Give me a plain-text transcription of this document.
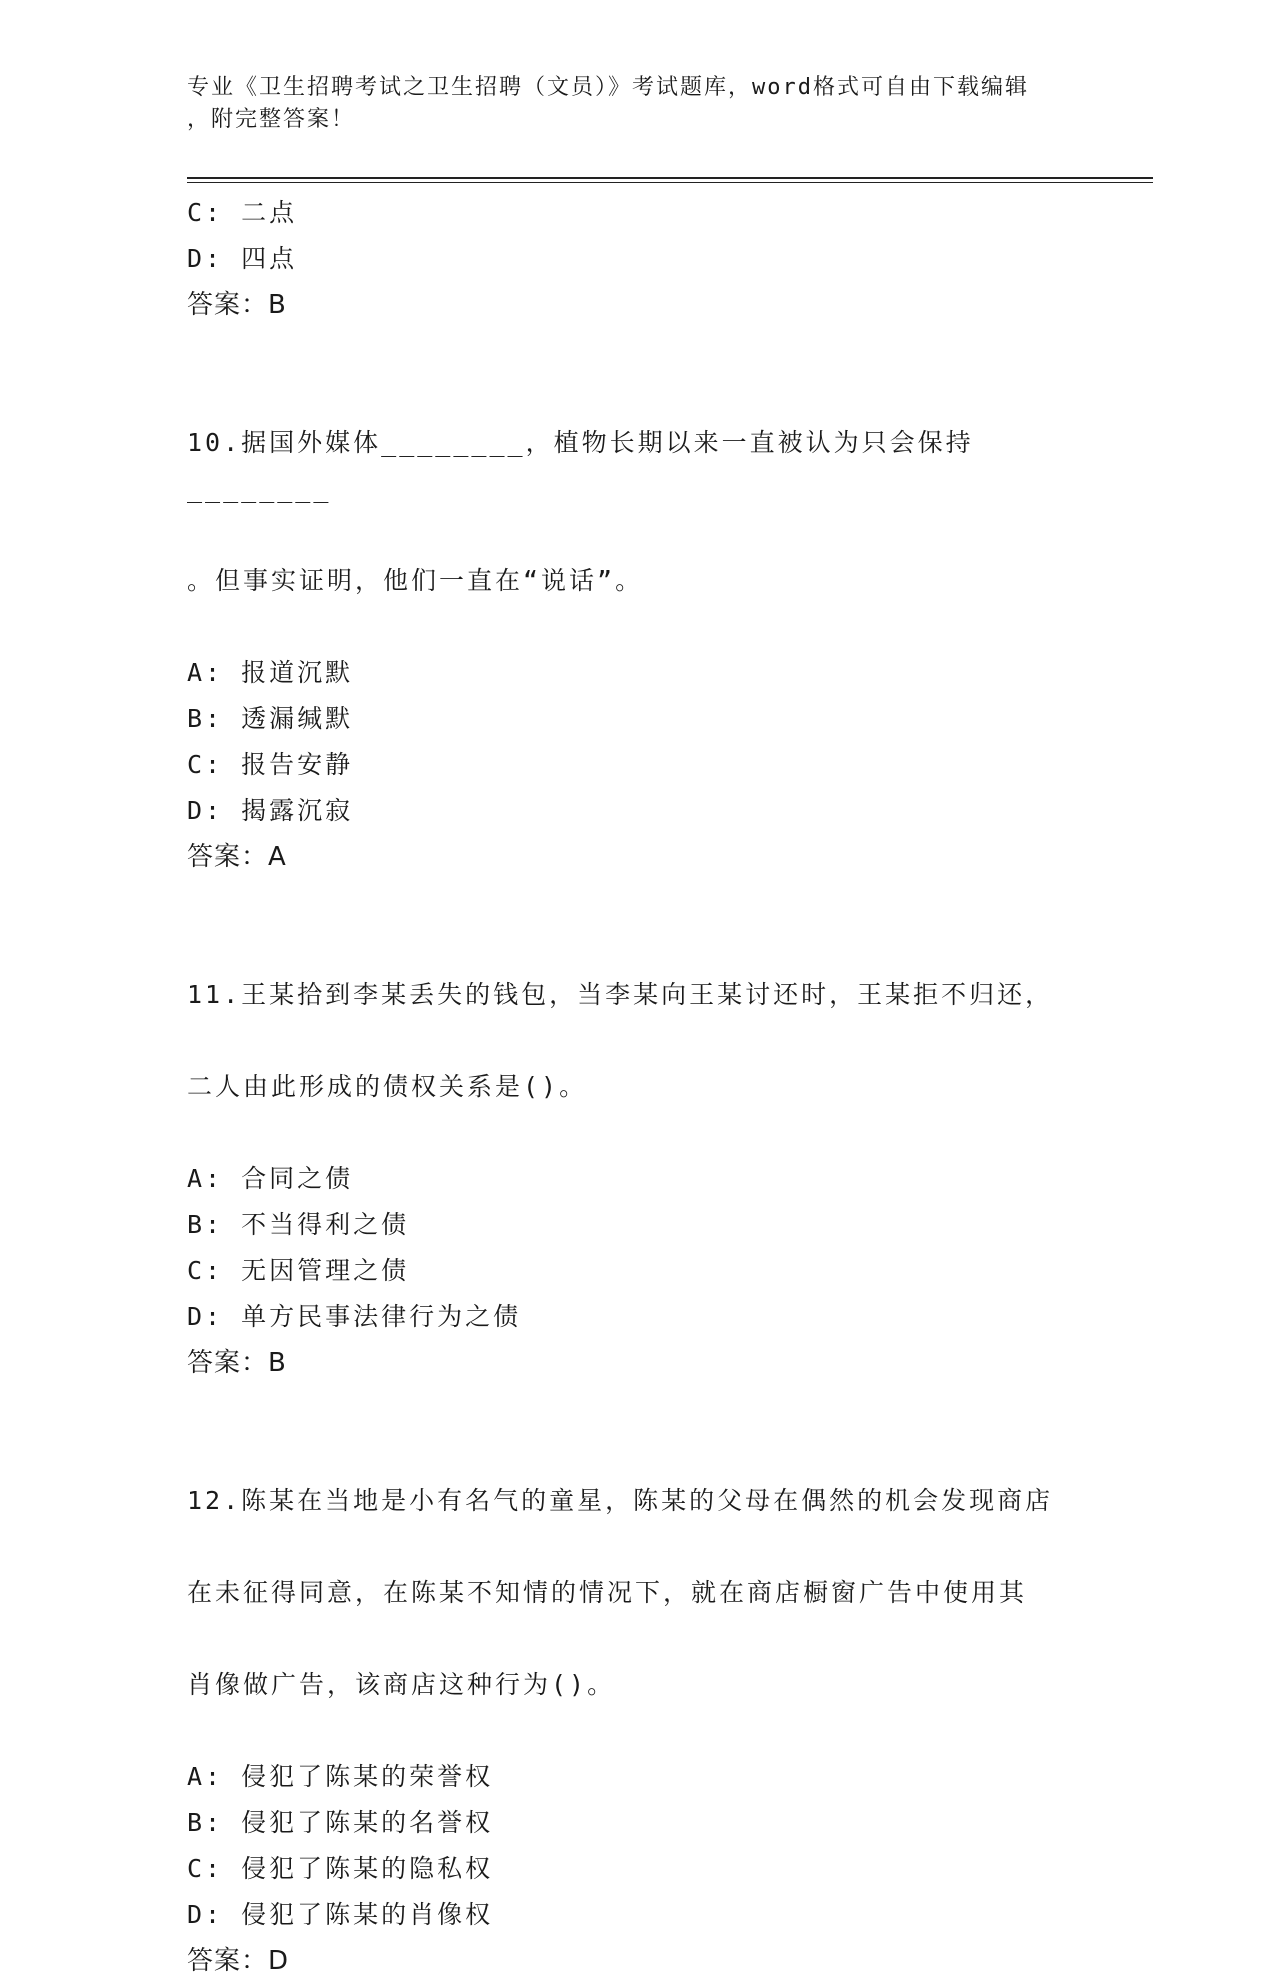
专业《卫生招聘考试之卫生招聘（文员）》考试题库，word格式可自由下载编辑
，附完整答案！
C: 二点
D: 四点
答案：B

10.据国外媒体________，植物长期以来一直被认为只会保持________

。但事实证明，他们一直在“说话”。

A: 报道沉默
B: 透漏缄默
C: 报告安静
D: 揭露沉寂
答案：A

11.王某拾到李某丢失的钱包，当李某向王某讨还时，王某拒不归还，

二人由此形成的债权关系是()。

A: 合同之债
B: 不当得利之债
C: 无因管理之债
D: 单方民事法律行为之债
答案：B

12.陈某在当地是小有名气的童星，陈某的父母在偶然的机会发现商店

在未征得同意，在陈某不知情的情况下，就在商店橱窗广告中使用其

肖像做广告，该商店这种行为()。

A: 侵犯了陈某的荣誉权
B: 侵犯了陈某的名誉权
C: 侵犯了陈某的隐私权
D: 侵犯了陈某的肖像权
答案：D
